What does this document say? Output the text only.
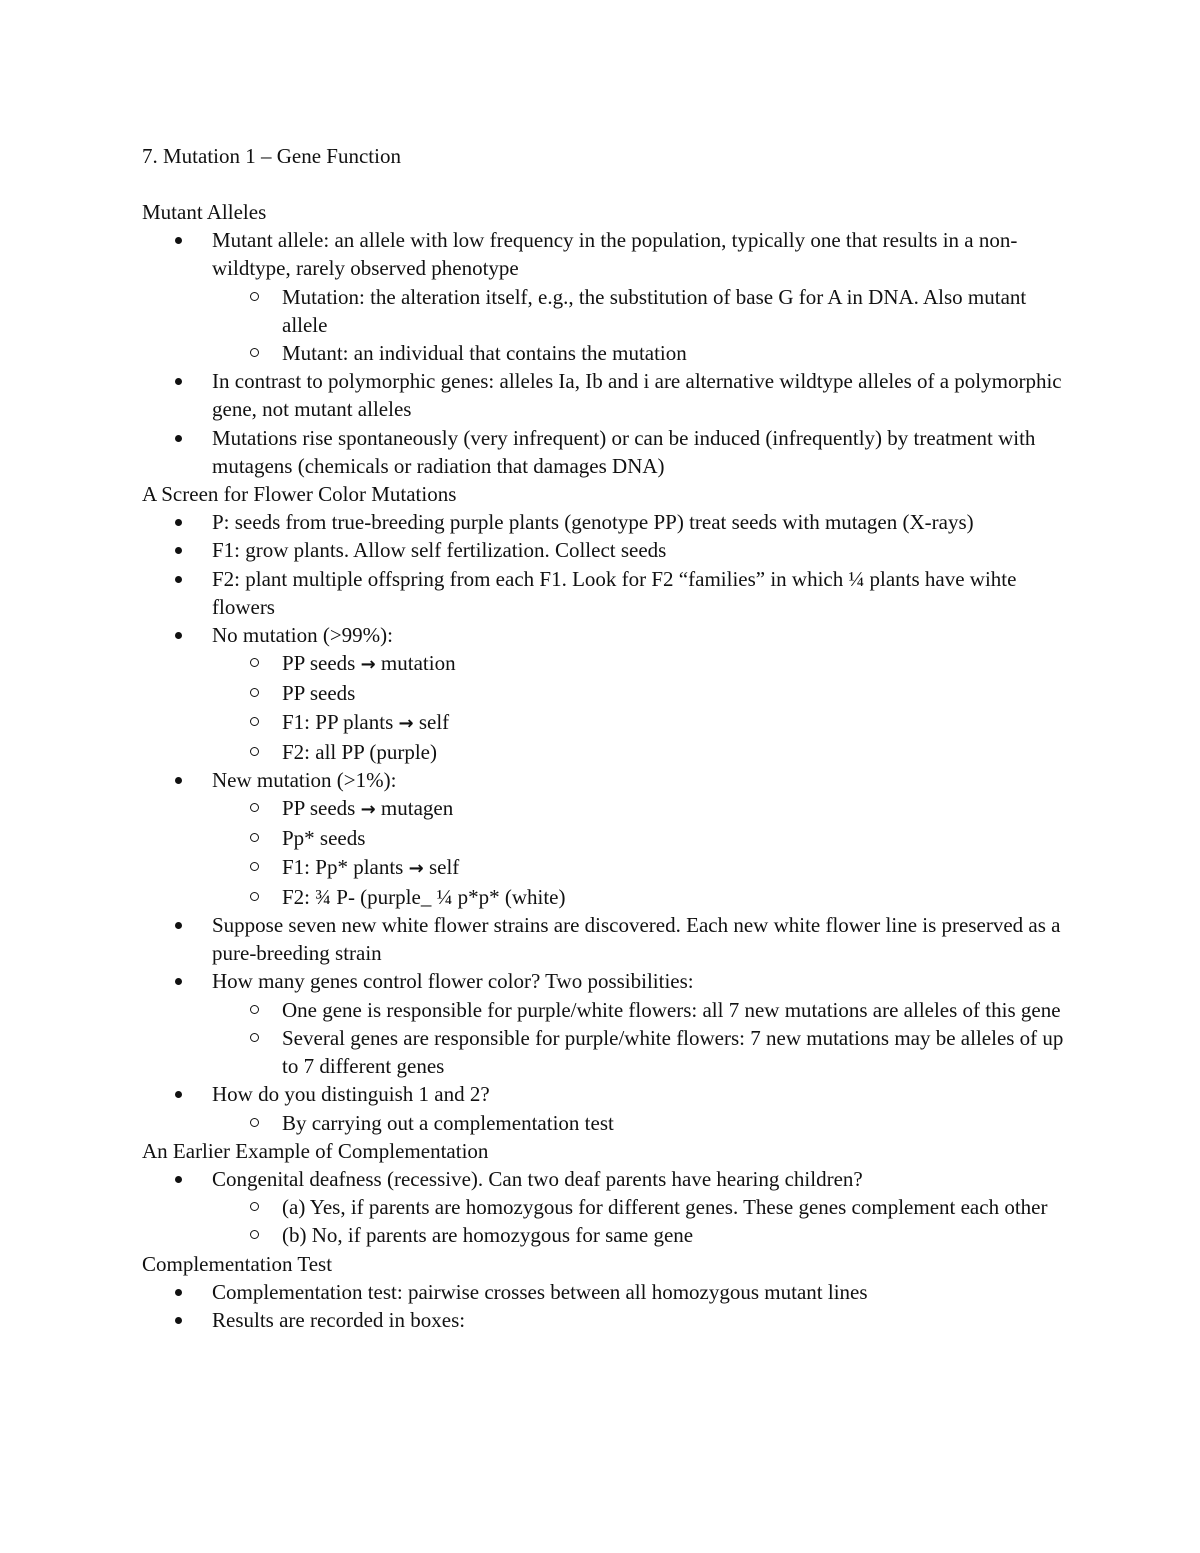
7. Mutation 1 – Gene Function
Mutant Alleles
Mutant allele: an allele with low frequency in the population, typically one that results in a non-wildtype, rarely observed phenotype
Mutation: the alteration itself, e.g., the substitution of base G for A in DNA. Also mutant allele
Mutant: an individual that contains the mutation
In contrast to polymorphic genes: alleles Ia, Ib and i are alternative wildtype alleles of a polymorphic gene, not mutant alleles
Mutations rise spontaneously (very infrequent) or can be induced (infrequently) by treatment with mutagens (chemicals or radiation that damages DNA)
A Screen for Flower Color Mutations
P: seeds from true-breeding purple plants (genotype PP) treat seeds with mutagen (X-rays)
F1: grow plants. Allow self fertilization. Collect seeds
F2: plant multiple offspring from each F1. Look for F2 “families” in which ¼ plants have wihte flowers
No mutation (>99%):
PP seeds → mutation
PP seeds
F1: PP plants → self
F2: all PP (purple)
New mutation (>1%):
PP seeds → mutagen
Pp* seeds
F1: Pp* plants → self
F2: ¾ P- (purple_ ¼ p*p* (white)
Suppose seven new white flower strains are discovered. Each new white flower line is preserved as a pure-breeding strain
How many genes control flower color? Two possibilities:
One gene is responsible for purple/white flowers: all 7 new mutations are alleles of this gene
Several genes are responsible for purple/white flowers: 7 new mutations may be alleles of up to 7 different genes
How do you distinguish 1 and 2?
By carrying out a complementation test
An Earlier Example of Complementation
Congenital deafness (recessive). Can two deaf parents have hearing children?
(a) Yes, if parents are homozygous for different genes. These genes complement each other
(b) No, if parents are homozygous for same gene
Complementation Test
Complementation test: pairwise crosses between all homozygous mutant lines
Results are recorded in boxes:
